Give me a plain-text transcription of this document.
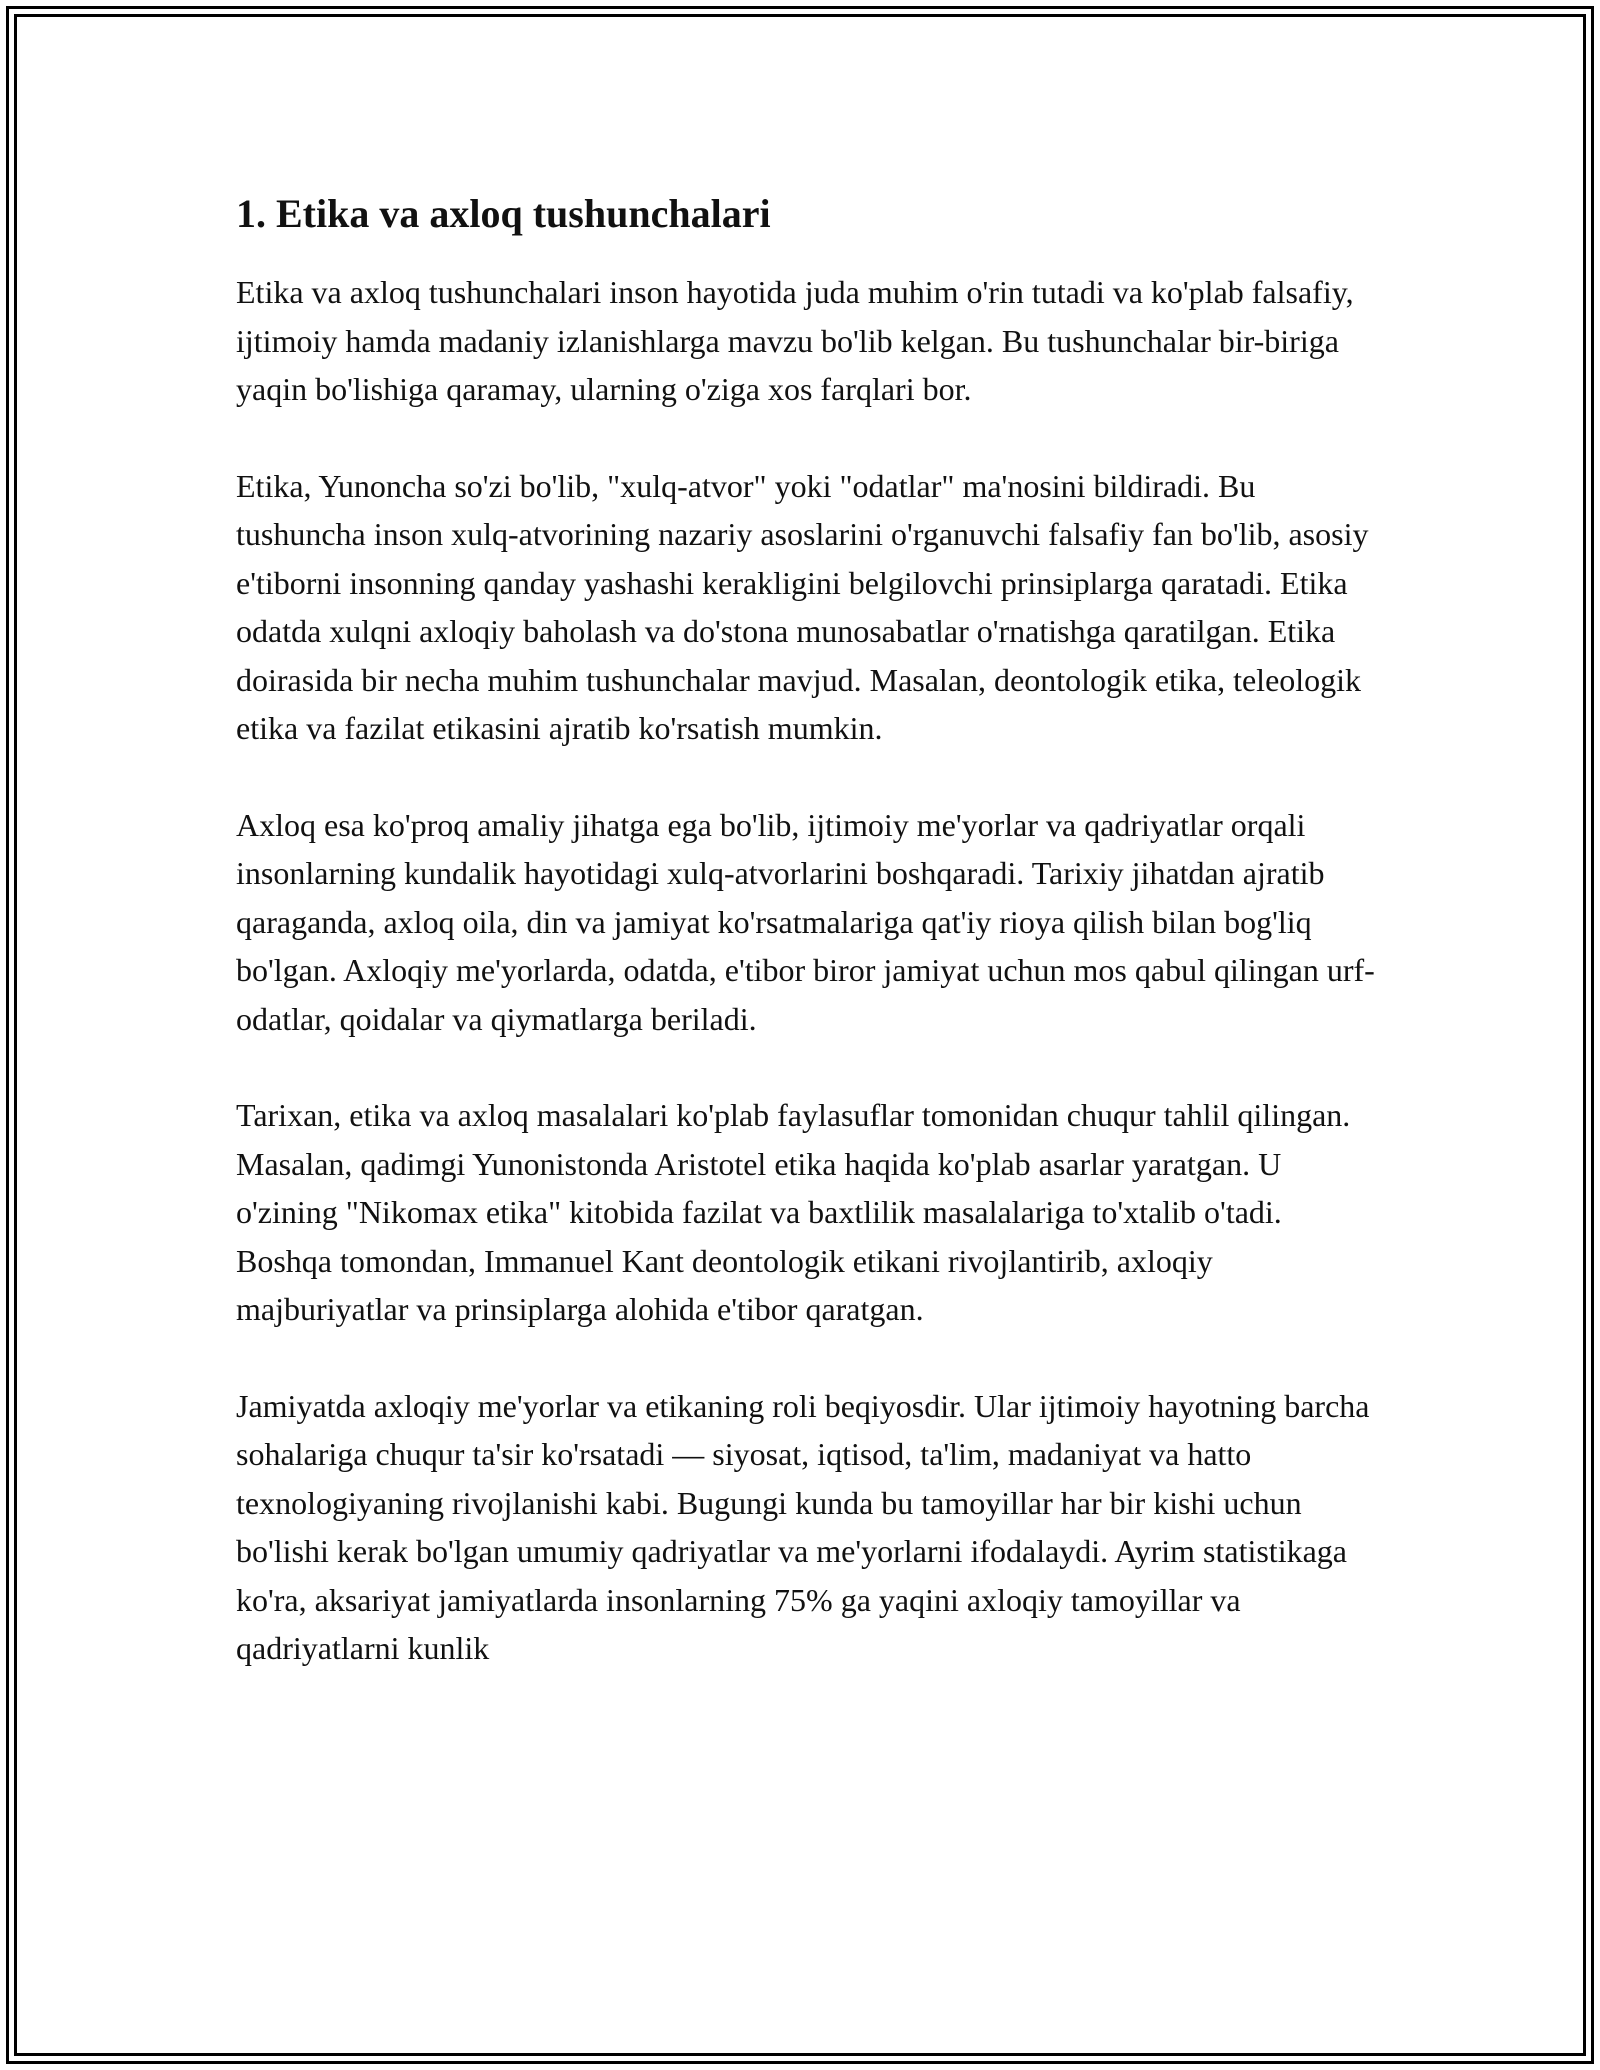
1. Etika va axloq tushunchalari

Etika va axloq tushunchalari inson hayotida juda muhim o'rin tutadi va ko'plab falsafiy, ijtimoiy hamda madaniy izlanishlarga mavzu bo'lib kelgan. Bu tushunchalar bir-biriga yaqin bo'lishiga qaramay, ularning o'ziga xos farqlari bor.

Etika, Yunoncha so'zi bo'lib, "xulq-atvor" yoki "odatlar" ma'nosini bildiradi. Bu tushuncha inson xulq-atvorining nazariy asoslarini o'rganuvchi falsafiy fan bo'lib, asosiy e'tiborni insonning qanday yashashi kerakligini belgilovchi prinsiplarga qaratadi. Etika odatda xulqni axloqiy baholash va do'stona munosabatlar o'rnatishga qaratilgan. Etika doirasida bir necha muhim tushunchalar mavjud. Masalan, deontologik etika, teleologik etika va fazilat etikasini ajratib ko'rsatish mumkin.

Axloq esa ko'proq amaliy jihatga ega bo'lib, ijtimoiy me'yorlar va qadriyatlar orqali insonlarning kundalik hayotidagi xulq-atvorlarini boshqaradi. Tarixiy jihatdan ajratib qaraganda, axloq oila, din va jamiyat ko'rsatmalariga qat'iy rioya qilish bilan bog'liq bo'lgan. Axloqiy me'yorlarda, odatda, e'tibor biror jamiyat uchun mos qabul qilingan urf-odatlar, qoidalar va qiymatlarga beriladi.

Tarixan, etika va axloq masalalari ko'plab faylasuflar tomonidan chuqur tahlil qilingan. Masalan, qadimgi Yunonistonda Aristotel etika haqida ko'plab asarlar yaratgan. U o'zining "Nikomax etika" kitobida fazilat va baxtlilik masalalariga to'xtalib o'tadi. Boshqa tomondan, Immanuel Kant deontologik etikani rivojlantirib, axloqiy majburiyatlar va prinsiplarga alohida e'tibor qaratgan.

Jamiyatda axloqiy me'yorlar va etikaning roli beqiyosdir. Ular ijtimoiy hayotning barcha sohalariga chuqur ta'sir ko'rsatadi — siyosat, iqtisod, ta'lim, madaniyat va hatto texnologiyaning rivojlanishi kabi. Bugungi kunda bu tamoyillar har bir kishi uchun bo'lishi kerak bo'lgan umumiy qadriyatlar va me'yorlarni ifodalaydi. Ayrim statistikaga ko'ra, aksariyat jamiyatlarda insonlarning 75% ga yaqini axloqiy tamoyillar va qadriyatlarni kunlik
